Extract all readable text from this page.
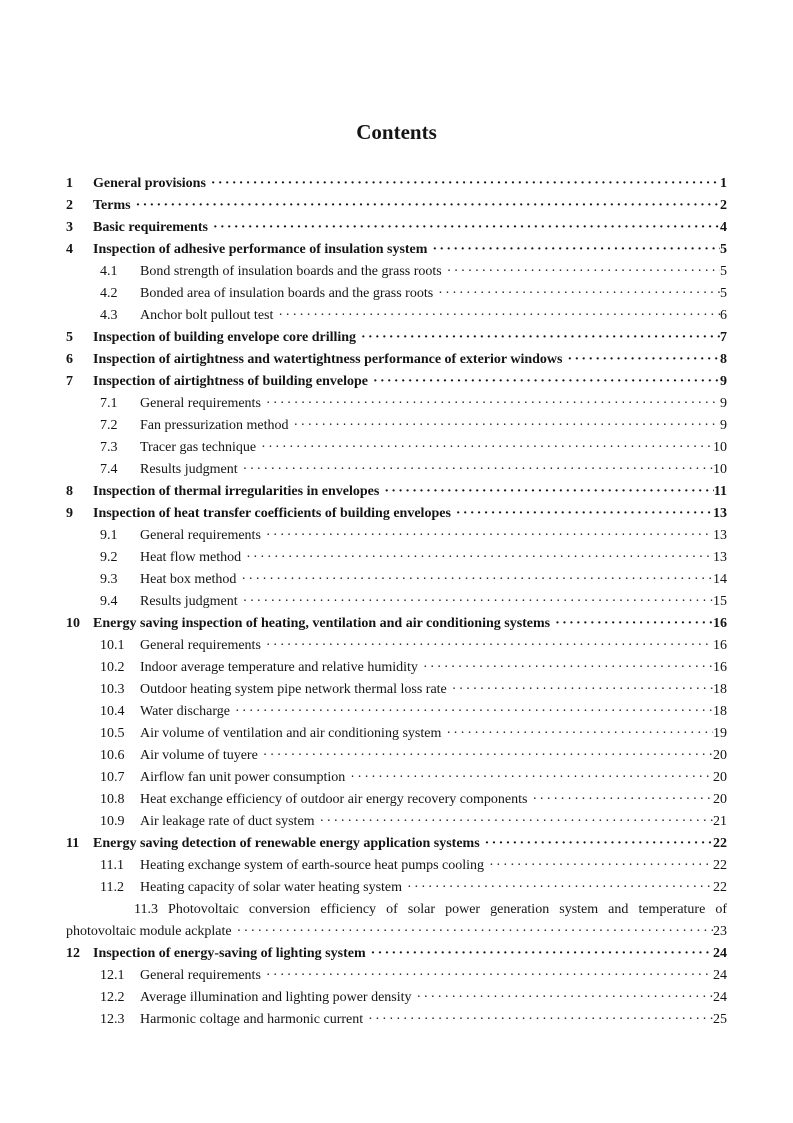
Contents
1	General provisions ·····	1
2	Terms ·····	2
3	Basic requirements ·····	4
4	Inspection of adhesive performance of insulation system ·····	5
4.1	Bond strength of insulation boards and the grass roots ·····	5
4.2	Bonded area of insulation boards and the grass roots ·····	5
4.3	Anchor bolt pullout test ·····	6
5	Inspection of building envelope core drilling ·····	7
6	Inspection of airtightness and watertightness performance of exterior windows ·····	8
7	Inspection of airtightness of building envelope ·····	9
7.1	General requirements ·····	9
7.2	Fan pressurization method ·····	9
7.3	Tracer gas technique ·····	10
7.4	Results judgment ·····	10
8	Inspection of thermal irregularities in envelopes ·····	11
9	Inspection of heat transfer coefficients of building envelopes ·····	13
9.1	General requirements ·····	13
9.2	Heat flow method ·····	13
9.3	Heat box method ·····	14
9.4	Results judgment ·····	15
10 Energy saving inspection of heating, ventilation and air conditioning systems ·····	16
10.1	General requirements ·····	16
10.2	Indoor average temperature and relative humidity ·····	16
10.3	Outdoor heating system pipe network thermal loss rate ·····	18
10.4	Water discharge ·····	18
10.5	Air volume of ventilation and air conditioning system ·····	19
10.6	Air volume of tuyere ·····	20
10.7	Airflow fan unit power consumption ·····	20
10.8	Heat exchange efficiency of outdoor air energy recovery components ·····	20
10.9	Air leakage rate of duct system ·····	21
11 Energy saving detection of renewable energy application systems ·····	22
11.1	Heating exchange system of earth-source heat pumps cooling ·····	22
11.2	Heating capacity of solar water heating system ·····	22
11.3 Photovoltaic conversion efficiency of solar power generation system and temperature of
photovoltaic module ackplate ·····	23
12 Inspection of energy-saving of lighting system ·····	24
12.1	General requirements ·····	24
12.2	Average illumination and lighting power density ·····	24
12.3	Harmonic coltage and harmonic current ·····	25
